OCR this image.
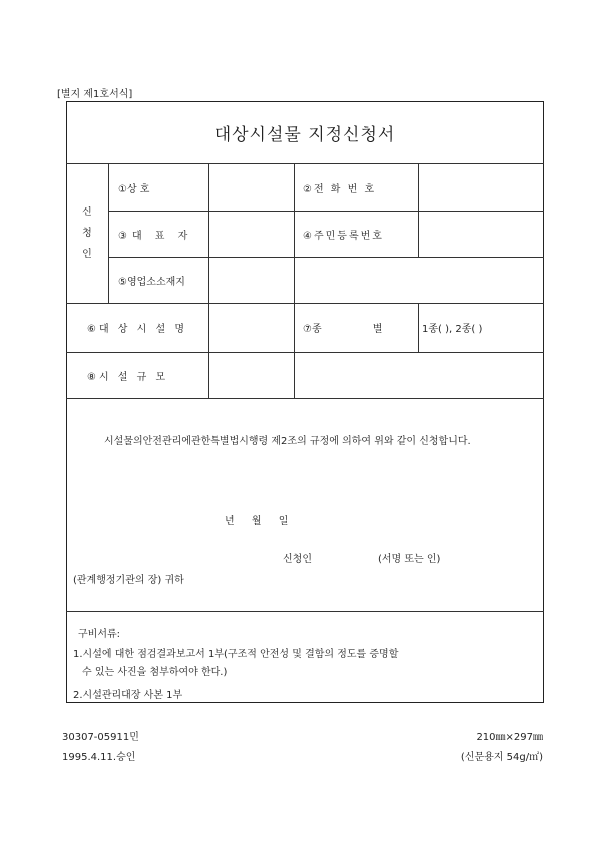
[별지 제1호서식]
대상시설물 지정신청서
신
청
인
①상 호	②전 화 번 호
③대 표 자	④주민등록번호
⑤영업소소재지
⑥대 상 시 설 명	⑦종 별	1종( ), 2종( )
⑧시 설 규 모
시설물의안전관리에관한특별법시행령 제2조의 규정에 의하여 위와 같이 신청합니다.
년 월 일
신청인	(서명 또는 인)
(관계행정기관의 장) 귀하
구비서류:
1.시설에 대한 점검결과보고서 1부(구조적 안전성 및 결함의 정도를 증명할
수 있는 사진을 첨부하여야 한다.)
2.시설관리대장 사본 1부
30307-05911민
1995.4.11.승인
210㎜×297㎜
(신문용지 54g/㎡)
